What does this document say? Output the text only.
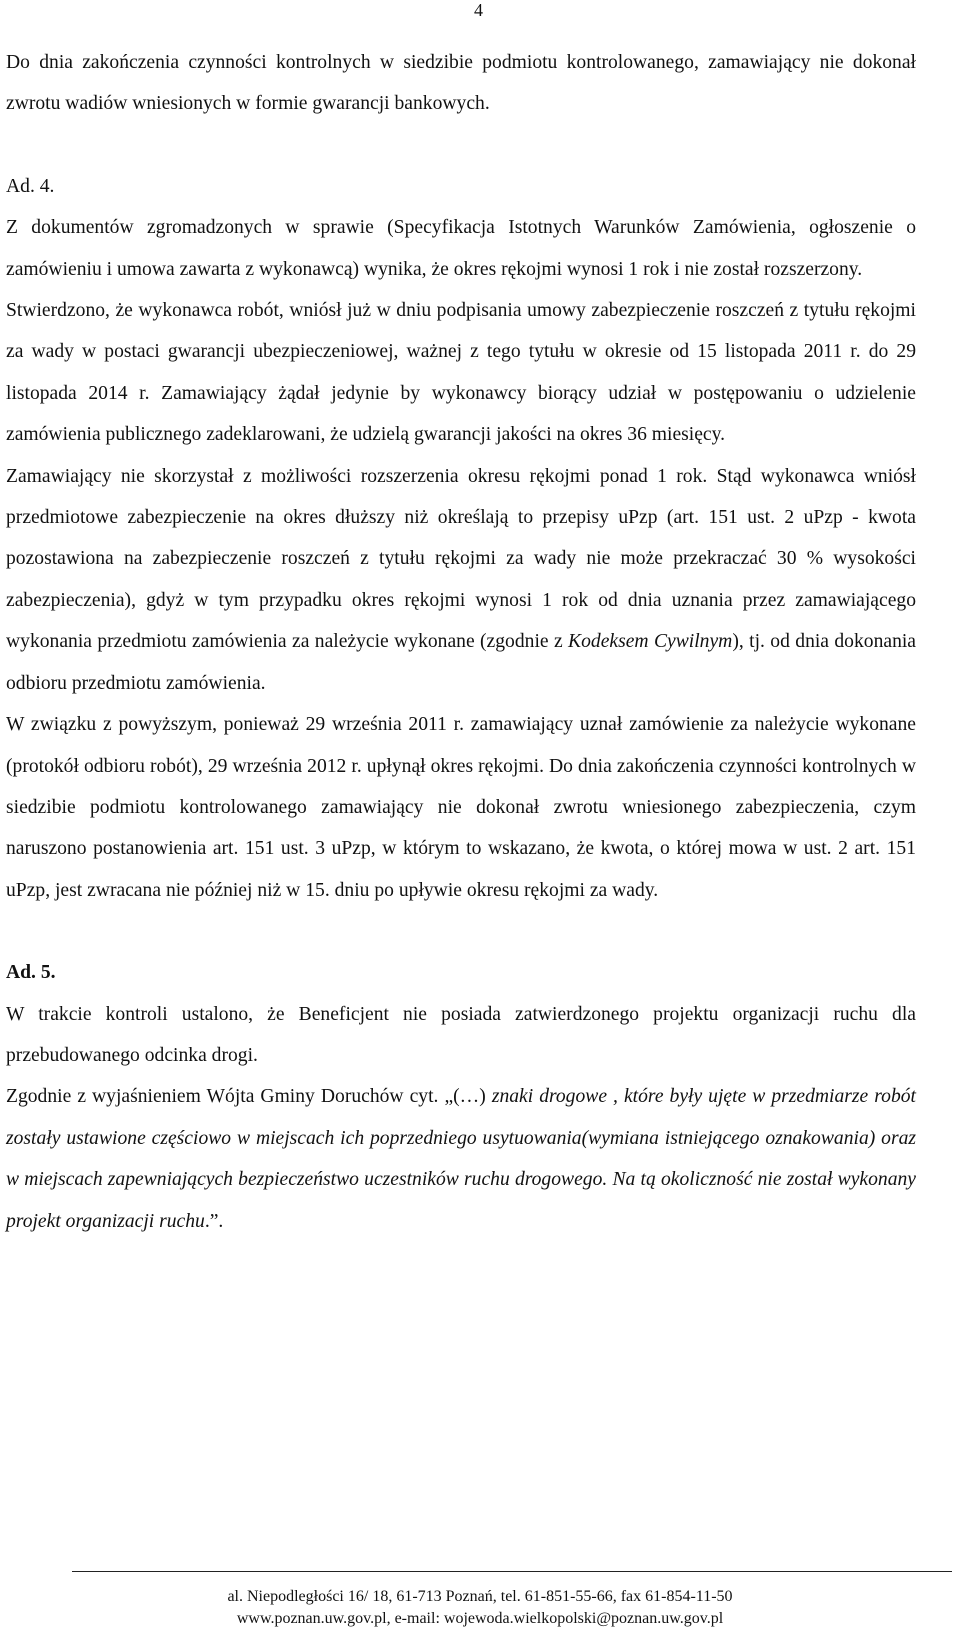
4

Do dnia zakończenia czynności kontrolnych w siedzibie podmiotu kontrolowanego, zamawiający nie dokonał zwrotu wadiów wniesionych w formie gwarancji bankowych.

Ad. 4.

Z dokumentów zgromadzonych w sprawie (Specyfikacja Istotnych Warunków Zamówienia, ogłoszenie o zamówieniu i umowa zawarta z wykonawcą) wynika, że okres rękojmi wynosi 1 rok i nie został rozszerzony.

Stwierdzono, że wykonawca robót, wniósł już w dniu podpisania umowy zabezpieczenie roszczeń z tytułu rękojmi za wady w postaci gwarancji ubezpieczeniowej, ważnej z tego tytułu w okresie od 15 listopada 2011 r. do 29 listopada 2014 r. Zamawiający żądał jedynie by wykonawcy biorący udział w postępowaniu o udzielenie zamówienia publicznego zadeklarowani, że udzielą gwarancji jakości na okres 36 miesięcy.

Zamawiający nie skorzystał z możliwości rozszerzenia okresu rękojmi ponad 1 rok. Stąd wykonawca wniósł przedmiotowe zabezpieczenie na okres dłuższy niż określają to przepisy uPzp (art. 151 ust. 2 uPzp - kwota pozostawiona na zabezpieczenie roszczeń z tytułu rękojmi za wady nie może przekraczać 30 % wysokości zabezpieczenia), gdyż w tym przypadku okres rękojmi wynosi 1 rok od dnia uznania przez zamawiającego wykonania przedmiotu zamówienia za należycie wykonane (zgodnie z Kodeksem Cywilnym), tj. od dnia dokonania odbioru przedmiotu zamówienia.

W związku z powyższym, ponieważ 29 września 2011 r. zamawiający uznał zamówienie za należycie wykonane (protokół odbioru robót), 29 września 2012 r. upłynął okres rękojmi. Do dnia zakończenia czynności kontrolnych w siedzibie podmiotu kontrolowanego zamawiający nie dokonał zwrotu wniesionego zabezpieczenia, czym naruszono postanowienia art. 151 ust. 3 uPzp, w którym to wskazano, że kwota, o której mowa w ust. 2 art. 151 uPzp, jest zwracana nie później niż w 15. dniu po upływie okresu rękojmi za wady.

Ad. 5.

W trakcie kontroli ustalono, że Beneficjent nie posiada zatwierdzonego projektu organizacji ruchu dla przebudowanego odcinka drogi.

Zgodnie z wyjaśnieniem Wójta Gminy Doruchów cyt. „(…) znaki drogowe , które były ujęte w przedmiarze robót zostały ustawione częściowo w miejscach ich poprzedniego usytuowania(wymiana istniejącego oznakowania) oraz w miejscach zapewniających bezpieczeństwo uczestników ruchu drogowego. Na tą okoliczność nie został wykonany projekt organizacji ruchu.”.

al. Niepodległości 16/ 18, 61-713 Poznań, tel. 61-851-55-66, fax 61-854-11-50
www.poznan.uw.gov.pl, e-mail: wojewoda.wielkopolski@poznan.uw.gov.pl
